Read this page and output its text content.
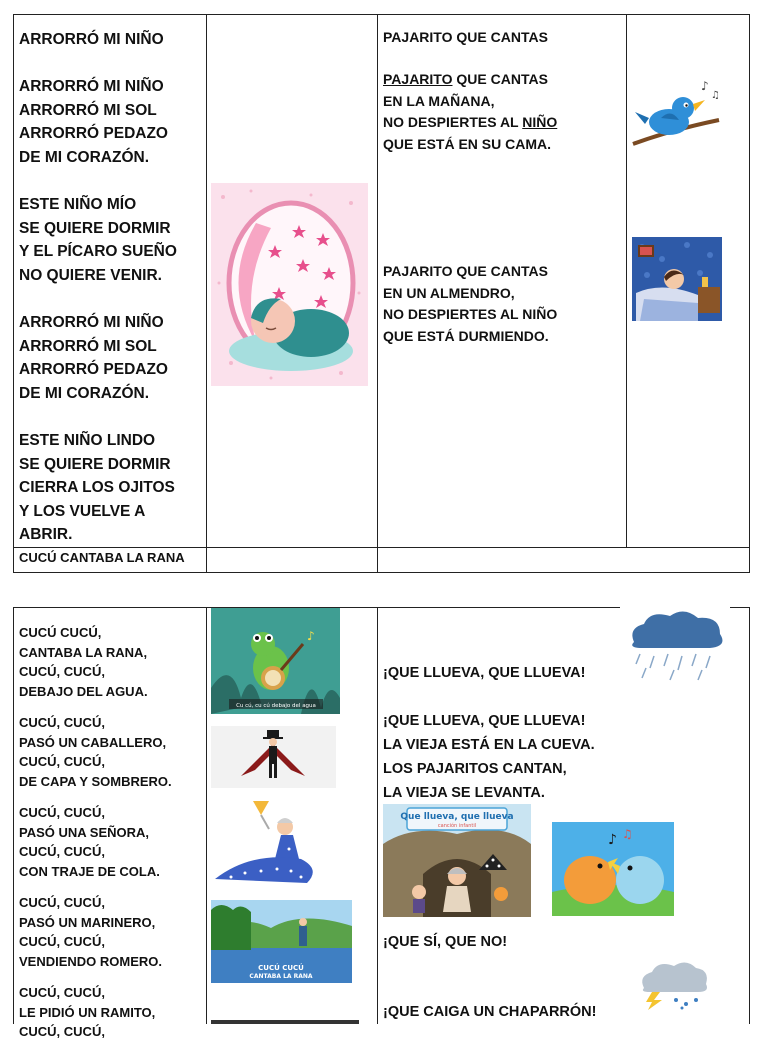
ARRORRÓ MI NIÑO
ARRORRÓ MI NIÑO
ARRORRÓ MI SOL
ARRORRÓ PEDAZO
DE MI CORAZÓN.
ESTE NIÑO MÍO
SE QUIERE DORMIR
Y EL PÍCARO SUEÑO
NO QUIERE VENIR.
ARRORRÓ MI NIÑO
ARRORRÓ MI SOL
ARRORRÓ PEDAZO
DE MI CORAZÓN.
ESTE NIÑO LINDO
SE QUIERE DORMIR
CIERRA LOS OJITOS
Y LOS VUELVE A
ABRIR.
PAJARITO QUE CANTAS
PAJARITO QUE CANTAS
EN LA MAÑANA,
NO DESPIERTES AL NIÑO
QUE ESTÁ EN SU CAMA.
PAJARITO QUE CANTAS
EN UN ALMENDRO,
NO DESPIERTES AL NIÑO
QUE ESTÁ DURMIENDO.
♪
♫
CUCÚ CANTABA LA RANA
CUCÚ CUCÚ,
CANTABA LA RANA,
CUCÚ, CUCÚ,
DEBAJO DEL AGUA.
CUCÚ, CUCÚ,
PASÓ UN CABALLERO,
CUCÚ, CUCÚ,
DE CAPA Y SOMBRERO.
CUCÚ, CUCÚ,
PASÓ UNA SEÑORA,
CUCÚ, CUCÚ,
CON TRAJE DE COLA.
CUCÚ, CUCÚ,
PASÓ UN MARINERO,
CUCÚ, CUCÚ,
VENDIENDO ROMERO.
CUCÚ, CUCÚ,
LE PIDIÓ UN RAMITO,
CUCÚ, CUCÚ,
♪
Cu cú, cu cú debajo del agua
CUCÚ CUCÚ
CANTABA LA RANA
¡QUE LLUEVA, QUE LLUEVA!
¡QUE LLUEVA, QUE LLUEVA!
LA VIEJA ESTÁ EN LA CUEVA.
LOS PAJARITOS CANTAN,
LA VIEJA SE LEVANTA.
¡QUE SÍ, QUE NO!
¡QUE CAIGA UN CHAPARRÓN!
Que llueva, que llueva
canción infantil
♪ ♫
